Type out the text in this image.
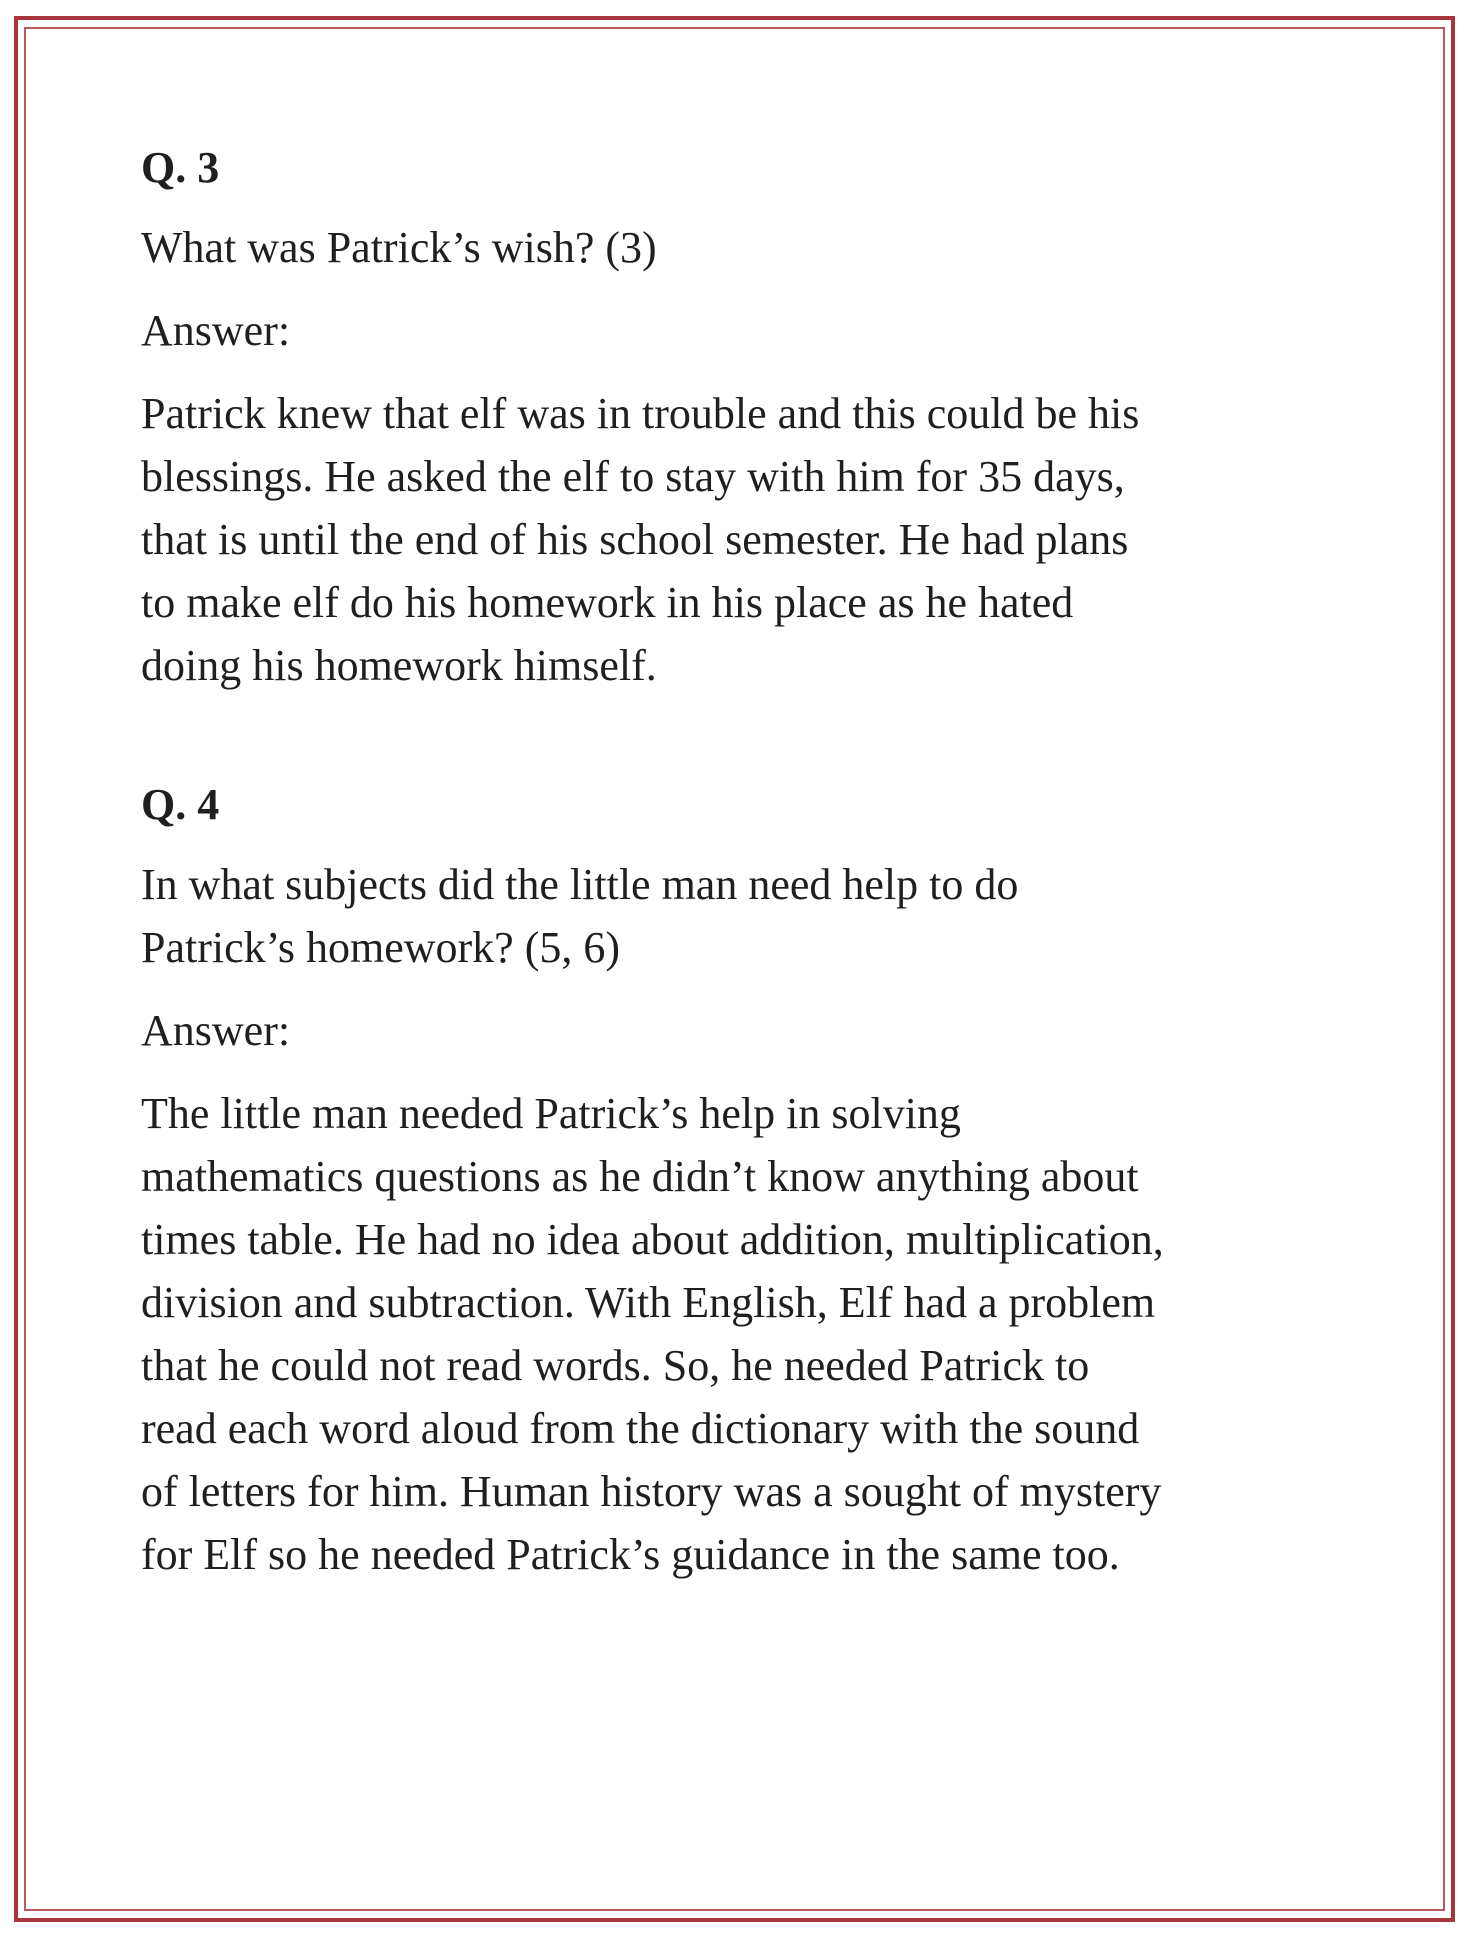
Q. 3

What was Patrick’s wish? (3)

Answer:

Patrick knew that elf was in trouble and this could be his
blessings. He asked the elf to stay with him for 35 days,
that is until the end of his school semester. He had plans
to make elf do his homework in his place as he hated
doing his homework himself.

Q. 4

In what subjects did the little man need help to do
Patrick’s homework? (5, 6)

Answer:

The little man needed Patrick’s help in solving
mathematics questions as he didn’t know anything about
times table. He had no idea about addition, multiplication,
division and subtraction. With English, Elf had a problem
that he could not read words. So, he needed Patrick to
read each word aloud from the dictionary with the sound
of letters for him. Human history was a sought of mystery
for Elf so he needed Patrick’s guidance in the same too.
